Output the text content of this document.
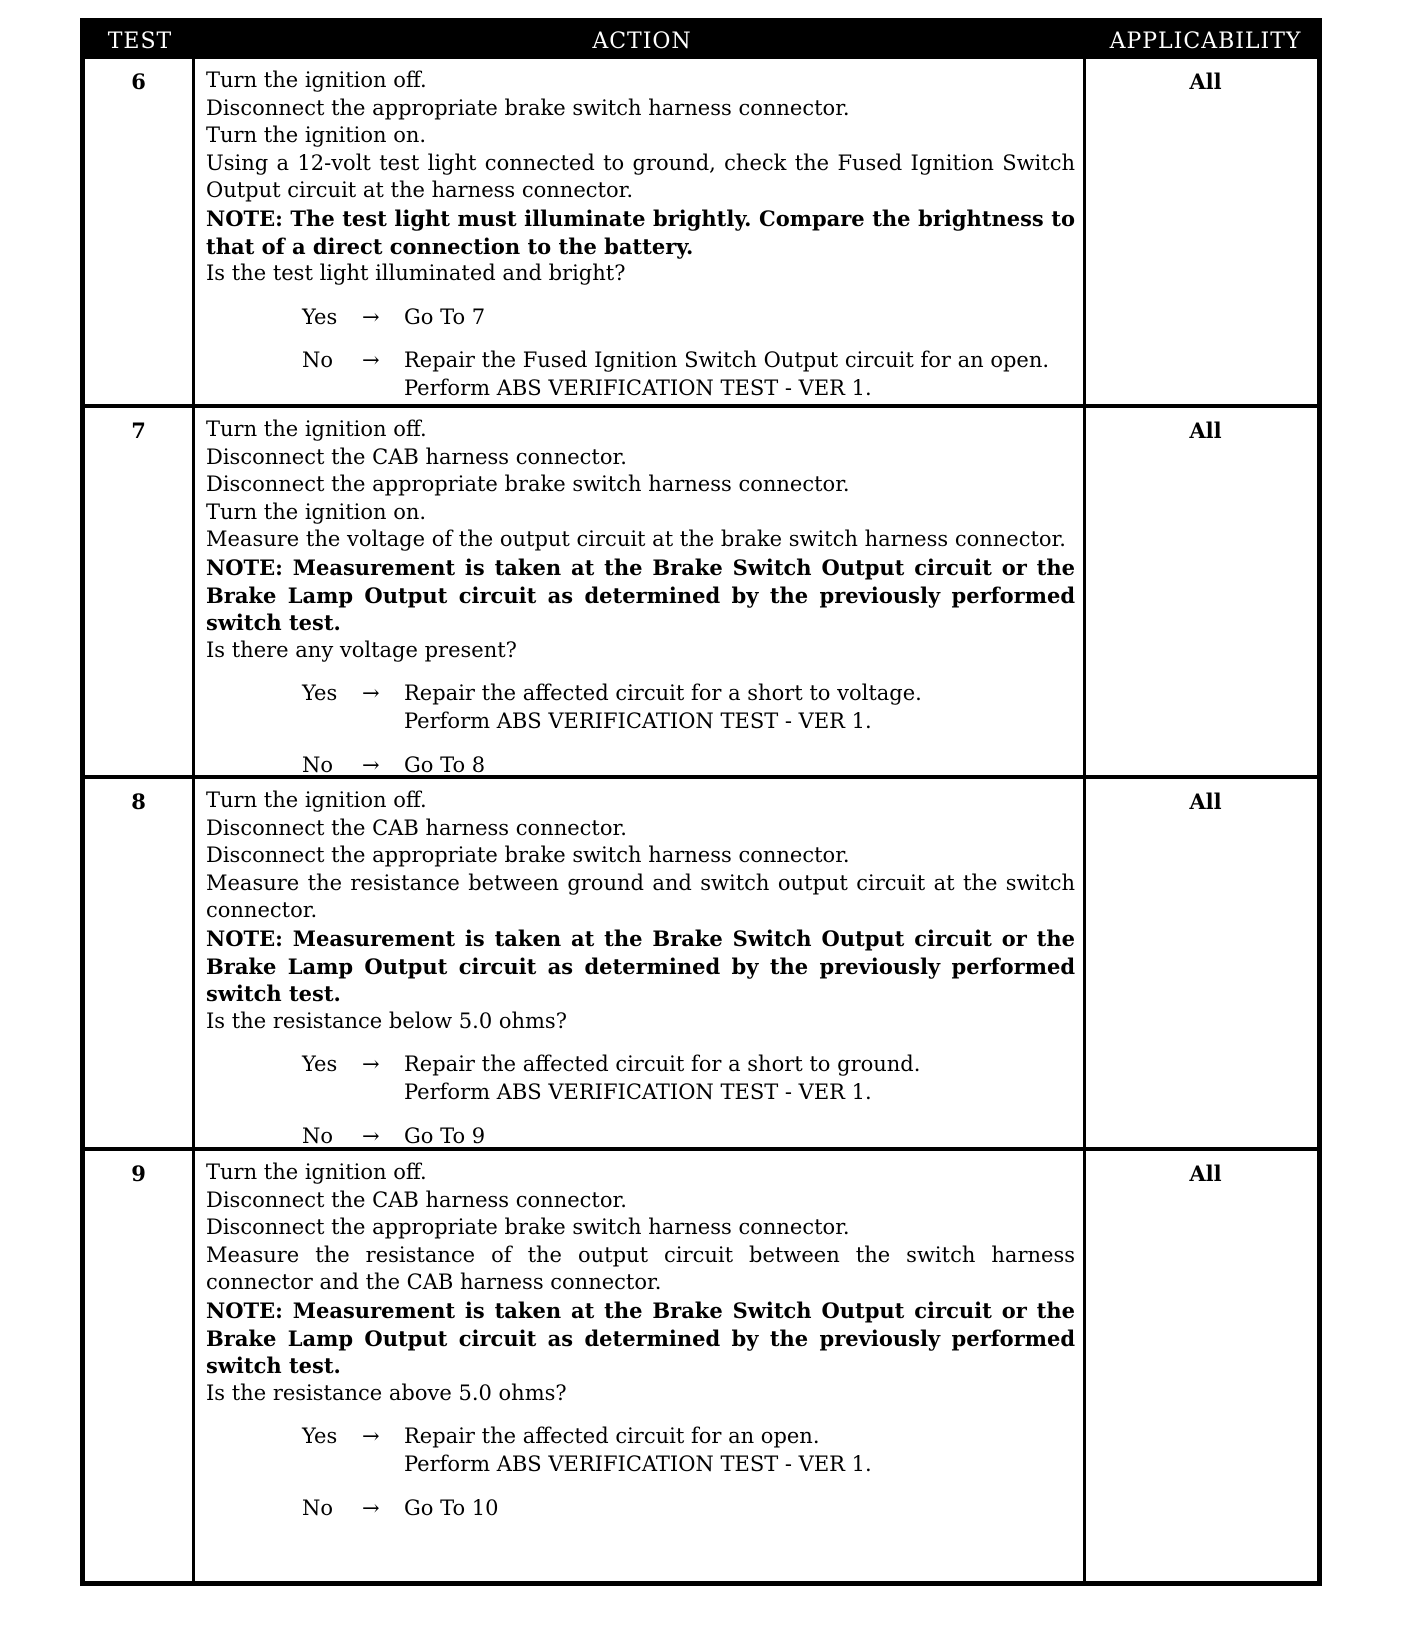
TEST	ACTION	APPLICABILITY
6	Turn the ignition off.
Disconnect the appropriate brake switch harness connector.
Turn the ignition on.
Using a 12-volt test light connected to ground, check the Fused Ignition Switch Output circuit at the harness connector.
NOTE: The test light must illuminate brightly. Compare the brightness to that of a direct connection to the battery.
Is the test light illuminated and bright?
Yes → Go To 7
No → Repair the Fused Ignition Switch Output circuit for an open.
Perform ABS VERIFICATION TEST - VER 1.
All
7	Turn the ignition off.
Disconnect the CAB harness connector.
Disconnect the appropriate brake switch harness connector.
Turn the ignition on.
Measure the voltage of the output circuit at the brake switch harness connector.
NOTE: Measurement is taken at the Brake Switch Output circuit or the Brake Lamp Output circuit as determined by the previously performed switch test.
Is there any voltage present?
Yes → Repair the affected circuit for a short to voltage.
Perform ABS VERIFICATION TEST - VER 1.
No → Go To 8
All
8	Turn the ignition off.
Disconnect the CAB harness connector.
Disconnect the appropriate brake switch harness connector.
Measure the resistance between ground and switch output circuit at the switch connector.
NOTE: Measurement is taken at the Brake Switch Output circuit or the Brake Lamp Output circuit as determined by the previously performed switch test.
Is the resistance below 5.0 ohms?
Yes → Repair the affected circuit for a short to ground.
Perform ABS VERIFICATION TEST - VER 1.
No → Go To 9
All
9	Turn the ignition off.
Disconnect the CAB harness connector.
Disconnect the appropriate brake switch harness connector.
Measure the resistance of the output circuit between the switch harness connector and the CAB harness connector.
NOTE: Measurement is taken at the Brake Switch Output circuit or the Brake Lamp Output circuit as determined by the previously performed switch test.
Is the resistance above 5.0 ohms?
Yes → Repair the affected circuit for an open.
Perform ABS VERIFICATION TEST - VER 1.
No → Go To 10
All
